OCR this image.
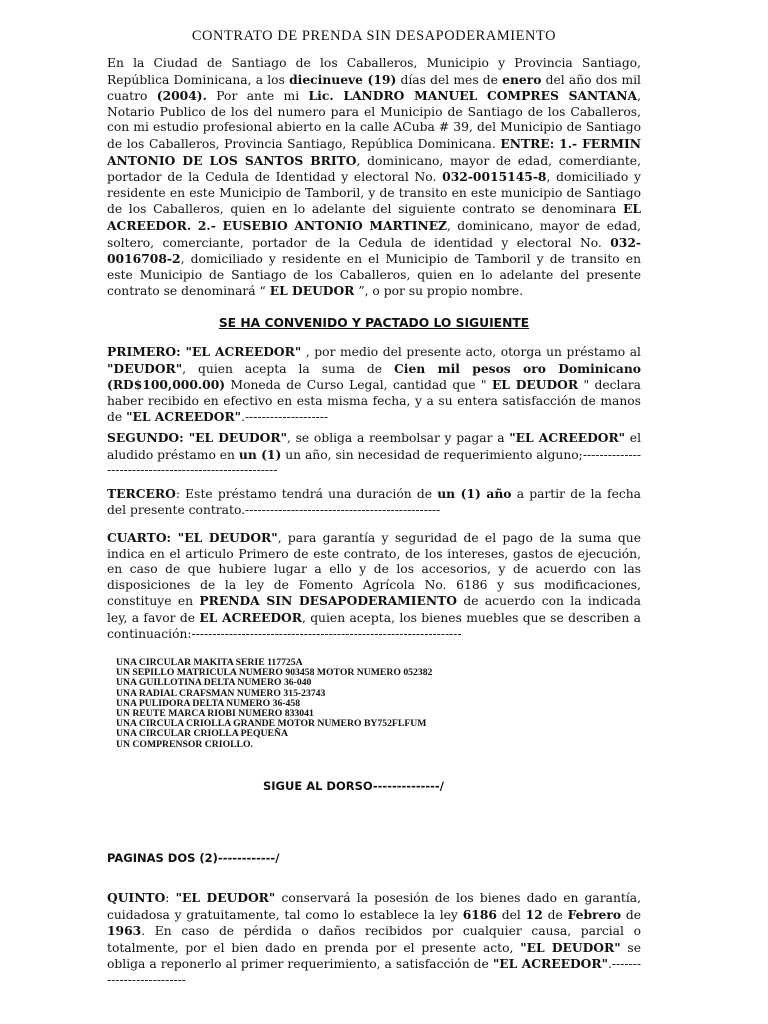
CONTRATO DE PRENDA SIN DESAPODERAMIENTO

En la Ciudad de Santiago de los Caballeros, Municipio y Provincia Santiago, República Dominicana, a los diecinueve (19) días del mes de enero del año dos mil cuatro (2004). Por ante mi Lic. LANDRO MANUEL COMPRES SANTANA, Notario Publico de los del numero para el Municipio de Santiago de los Caballeros, con mi estudio profesional abierto en la calle ACuba # 39, del Municipio de Santiago de los Caballeros, Provincia Santiago, República Dominicana. ENTRE: 1.- FERMIN ANTONIO DE LOS SANTOS BRITO, dominicano, mayor de edad, comerdiante, portador de la Cedula de Identidad y electoral No. 032-0015145-8, domiciliado y residente en este Municipio de Tamboril, y de transito en este municipio de Santiago de los Caballeros, quien en lo adelante del siguiente contrato se denominara EL ACREEDOR. 2.- EUSEBIO ANTONIO MARTINEZ, dominicano, mayor de edad, soltero, comerciante, portador de la Cedula de identidad y electoral No. 032-0016708-2, domiciliado y residente en el Municipio de Tamboril y de transito en este Municipio de Santiago de los Caballeros, quien en lo adelante del presente contrato se denominará “ EL DEUDOR ”, o por su propio nombre.

SE HA CONVENIDO Y PACTADO LO SIGUIENTE

PRIMERO: "EL ACREEDOR" , por medio del presente acto, otorga un préstamo al "DEUDOR", quien acepta la suma de Cien mil pesos oro Dominicano (RD$100,000.00) Moneda de Curso Legal, cantidad que " EL DEUDOR " declara haber recibido en efectivo en esta misma fecha, y a su entera satisfacción de manos de "EL ACREEDOR".--------------------

SEGUNDO: "EL DEUDOR", se obliga a reembolsar y pagar a "EL ACREEDOR" el aludido préstamo en un (1) un año, sin necesidad de requerimiento alguno;-------------------------------------------------------

TERCERO: Este préstamo tendrá una duración de un (1) año a partir de la fecha del presente contrato.-----------------------------------------------

CUARTO: "EL DEUDOR", para garantía y seguridad de el pago de la suma que indica en el articulo Primero de este contrato, de los intereses, gastos de ejecución, en caso de que hubiere lugar a ello y de los accesorios, y de acuerdo con las disposiciones de la ley de Fomento Agrícola No. 6186 y sus modificaciones, constituye en PRENDA SIN DESAPODERAMIENTO de acuerdo con la indicada ley, a favor de EL ACREEDOR, quien acepta, los bienes muebles que se describen a continuación:-----------------------------------------------------------------

UNA CIRCULAR MAKITA SERIE 117725A
UN SEPILLO MATRICULA NUMERO 903458 MOTOR NUMERO 052382
UNA GUILLOTINA DELTA NUMERO 36-040
UNA RADIAL CRAFSMAN NUMERO 315-23743
UNA PULIDORA DELTA NUMERO 36-458
UN REUTE MARCA RIOBI NUMERO 833041
UNA CIRCULA CRIOLLA GRANDE MOTOR NUMERO BY752FLFUM
UNA CIRCULAR CRIOLLA PEQUEÑA
UN COMPRENSOR CRIOLLO.
SIGUE AL DORSO--------------/
PAGINAS DOS (2)------------/

QUINTO: "EL DEUDOR" conservará la posesión de los bienes dado en garantía, cuidadosa y gratuitamente, tal como lo establece la ley 6186 del 12 de Febrero de 1963. En caso de pérdida o daños recibidos por cualquier causa, parcial o totalmente, por el bien dado en prenda por el presente acto, "EL DEUDOR" se obliga a reponerlo al primer requerimiento, a satisfacción de "EL ACREEDOR".--------------------------
